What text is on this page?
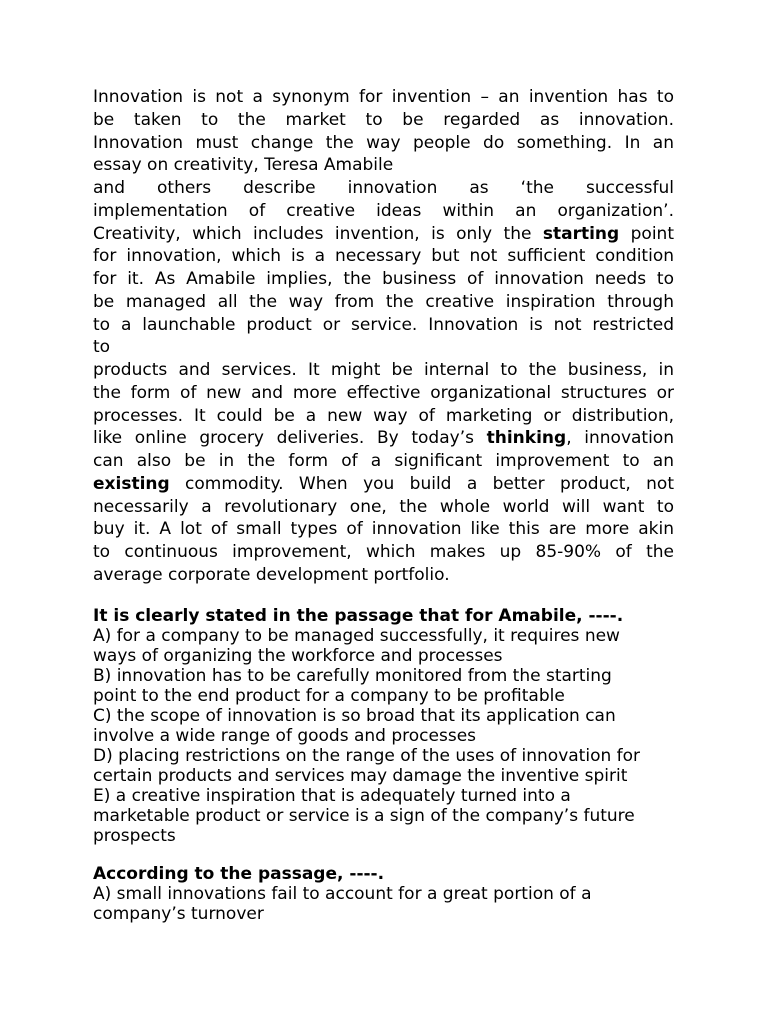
Innovation is not a synonym for invention – an invention has to
be taken to the market to be regarded as innovation.
Innovation must change the way people do something. In an
essay on creativity, Teresa Amabile
and others describe innovation as ‘the successful
implementation of creative ideas within an organization’.
Creativity, which includes invention, is only the starting point
for innovation, which is a necessary but not sufficient condition
for it. As Amabile implies, the business of innovation needs to
be managed all the way from the creative inspiration through
to a launchable product or service. Innovation is not restricted
to
products and services. It might be internal to the business, in
the form of new and more effective organizational structures or
processes. It could be a new way of marketing or distribution,
like online grocery deliveries. By today’s thinking, innovation
can also be in the form of a significant improvement to an
existing commodity. When you build a better product, not
necessarily a revolutionary one, the whole world will want to
buy it. A lot of small types of innovation like this are more akin
to continuous improvement, which makes up 85-90% of the
average corporate development portfolio.
It is clearly stated in the passage that for Amabile, ----.
A) for a company to be managed successfully, it requires new
ways of organizing the workforce and processes
B) innovation has to be carefully monitored from the starting
point to the end product for a company to be profitable
C) the scope of innovation is so broad that its application can
involve a wide range of goods and processes
D) placing restrictions on the range of the uses of innovation for
certain products and services may damage the inventive spirit
E) a creative inspiration that is adequately turned into a
marketable product or service is a sign of the company’s future
prospects
According to the passage, ----.
A) small innovations fail to account for a great portion of a
company’s turnover
